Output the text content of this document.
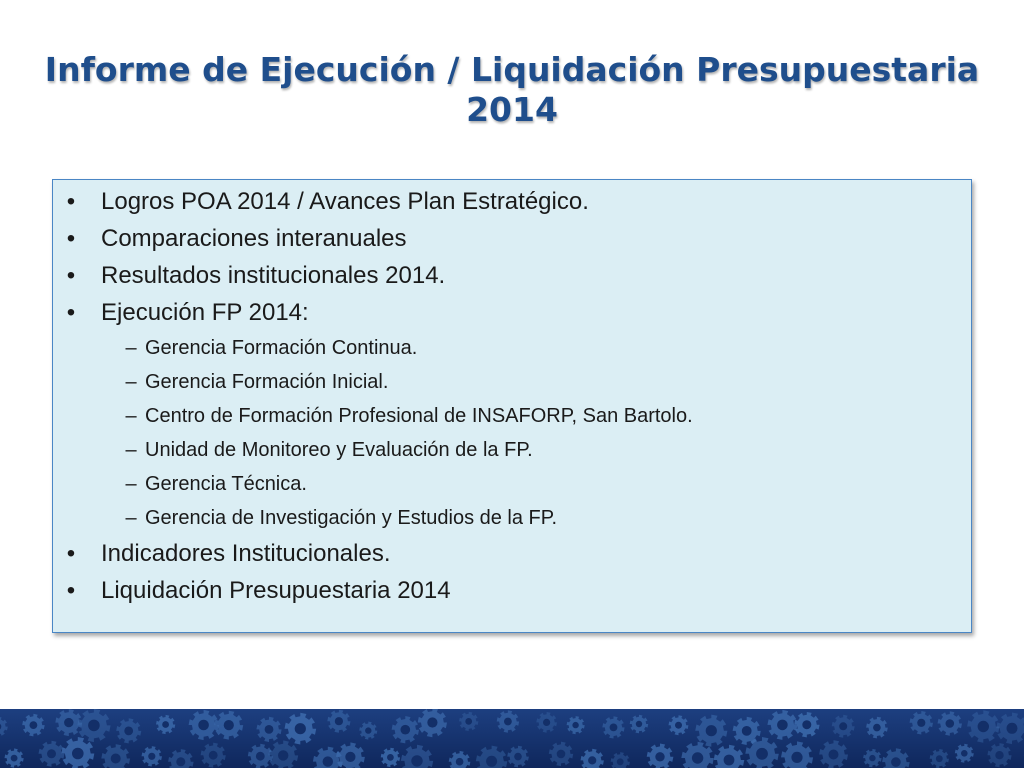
Informe de Ejecución / Liquidación Presupuestaria
2014
• Logros POA 2014 / Avances Plan Estratégico.
• Comparaciones interanuales
• Resultados institucionales 2014.
• Ejecución FP 2014:
– Gerencia Formación Continua.
– Gerencia Formación Inicial.
– Centro de Formación Profesional de INSAFORP, San Bartolo.
– Unidad de Monitoreo y Evaluación de la FP.
– Gerencia Técnica.
– Gerencia de Investigación y Estudios de la FP.
• Indicadores Institucionales.
• Liquidación Presupuestaria 2014
